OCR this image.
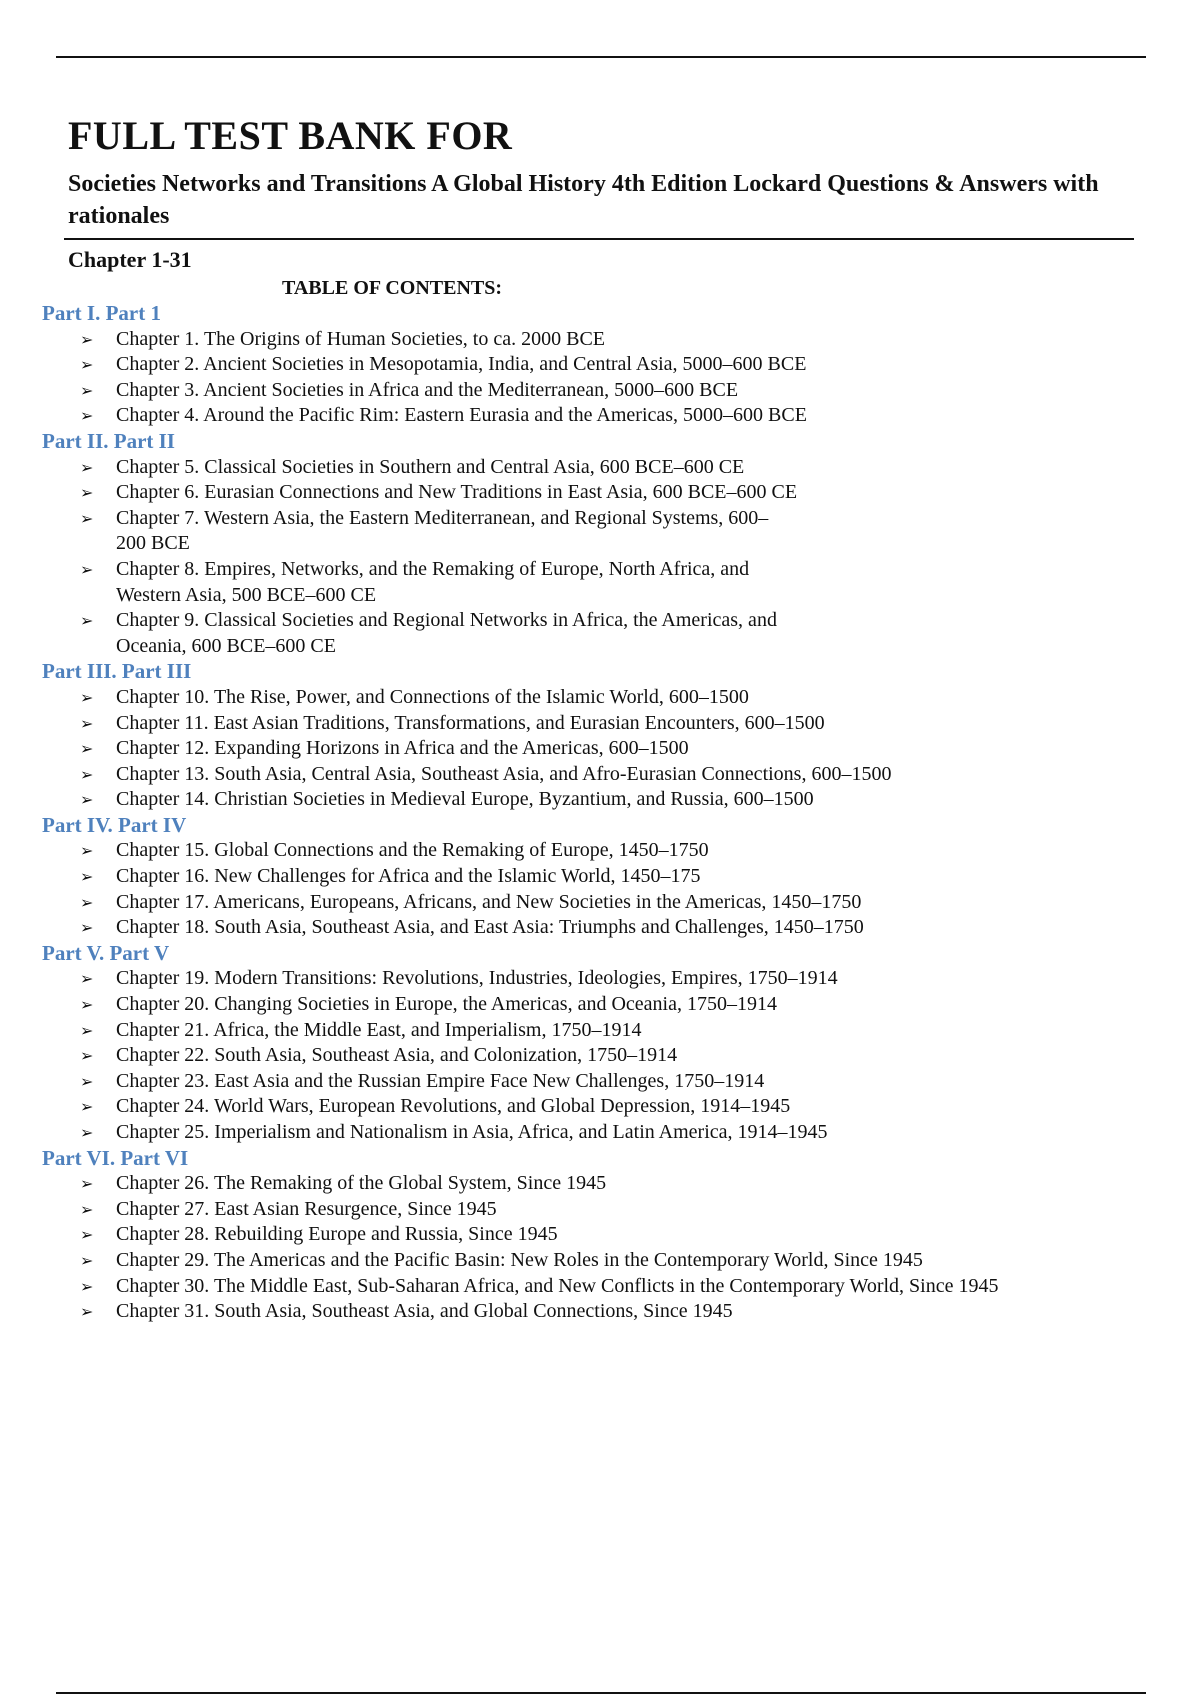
FULL TEST BANK FOR
Societies Networks and Transitions A Global History 4th Edition Lockard Questions & Answers with rationales
Chapter 1-31
TABLE OF CONTENTS:
Part I. Part 1
➢ Chapter 1. The Origins of Human Societies, to ca. 2000 BCE
➢ Chapter 2. Ancient Societies in Mesopotamia, India, and Central Asia, 5000–600 BCE
➢ Chapter 3. Ancient Societies in Africa and the Mediterranean, 5000–600 BCE
➢ Chapter 4. Around the Pacific Rim: Eastern Eurasia and the Americas, 5000–600 BCE
Part II. Part II
➢ Chapter 5. Classical Societies in Southern and Central Asia, 600 BCE–600 CE
➢ Chapter 6. Eurasian Connections and New Traditions in East Asia, 600 BCE–600 CE
➢ Chapter 7. Western Asia, the Eastern Mediterranean, and Regional Systems, 600–200 BCE
➢ Chapter 8. Empires, Networks, and the Remaking of Europe, North Africa, and Western Asia, 500 BCE–600 CE
➢ Chapter 9. Classical Societies and Regional Networks in Africa, the Americas, and Oceania, 600 BCE–600 CE
Part III. Part III
➢ Chapter 10. The Rise, Power, and Connections of the Islamic World, 600–1500
➢ Chapter 11. East Asian Traditions, Transformations, and Eurasian Encounters, 600–1500
➢ Chapter 12. Expanding Horizons in Africa and the Americas, 600–1500
➢ Chapter 13. South Asia, Central Asia, Southeast Asia, and Afro-Eurasian Connections, 600–1500
➢ Chapter 14. Christian Societies in Medieval Europe, Byzantium, and Russia, 600–1500
Part IV. Part IV
➢ Chapter 15. Global Connections and the Remaking of Europe, 1450–1750
➢ Chapter 16. New Challenges for Africa and the Islamic World, 1450–175
➢ Chapter 17. Americans, Europeans, Africans, and New Societies in the Americas, 1450–1750
➢ Chapter 18. South Asia, Southeast Asia, and East Asia: Triumphs and Challenges, 1450–1750
Part V. Part V
➢ Chapter 19. Modern Transitions: Revolutions, Industries, Ideologies, Empires, 1750–1914
➢ Chapter 20. Changing Societies in Europe, the Americas, and Oceania, 1750–1914
➢ Chapter 21. Africa, the Middle East, and Imperialism, 1750–1914
➢ Chapter 22. South Asia, Southeast Asia, and Colonization, 1750–1914
➢ Chapter 23. East Asia and the Russian Empire Face New Challenges, 1750–1914
➢ Chapter 24. World Wars, European Revolutions, and Global Depression, 1914–1945
➢ Chapter 25. Imperialism and Nationalism in Asia, Africa, and Latin America, 1914–1945
Part VI. Part VI
➢ Chapter 26. The Remaking of the Global System, Since 1945
➢ Chapter 27. East Asian Resurgence, Since 1945
➢ Chapter 28. Rebuilding Europe and Russia, Since 1945
➢ Chapter 29. The Americas and the Pacific Basin: New Roles in the Contemporary World, Since 1945
➢ Chapter 30. The Middle East, Sub-Saharan Africa, and New Conflicts in the Contemporary World, Since 1945
➢ Chapter 31. South Asia, Southeast Asia, and Global Connections, Since 1945
